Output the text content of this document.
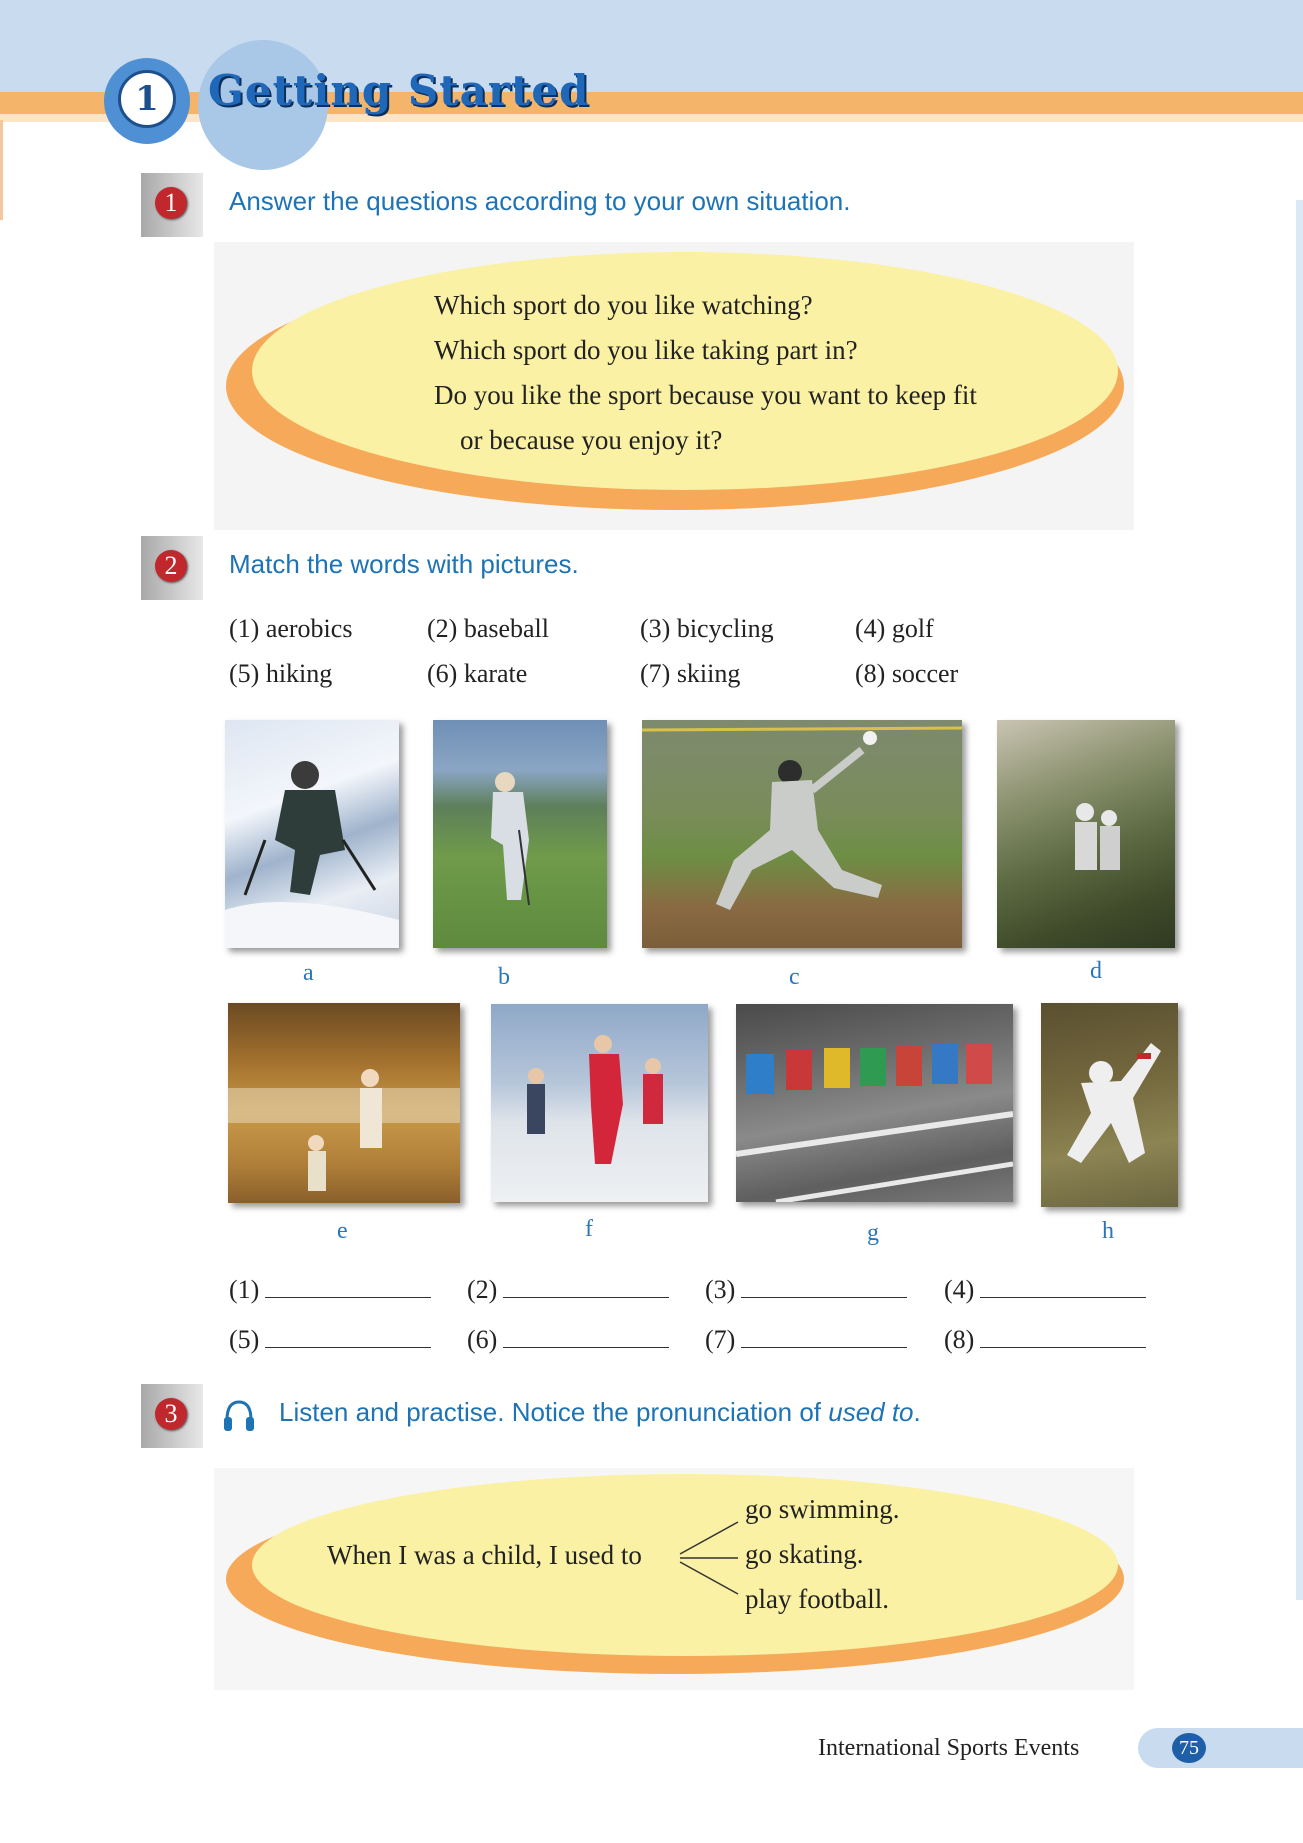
1	Getting Started
1	Answer the questions according to your own situation.
Which sport do you like watching?
Which sport do you like taking part in?
Do you like the sport because you want to keep fit
or because you enjoy it?
2	Match the words with pictures.
(1) aerobics	(2) baseball	(3) bicycling	(4) golf
(5) hiking	(6) karate	(7) skiing	(8) soccer
a	b	c	d
e	f	g	h
(1)	(2)	(3)	(4)
(5)	(6)	(7)	(8)
3	Listen and practise. Notice the pronunciation of used to.
When I was a child, I used to
go swimming.
go skating.
play football.
International Sports Events	75
